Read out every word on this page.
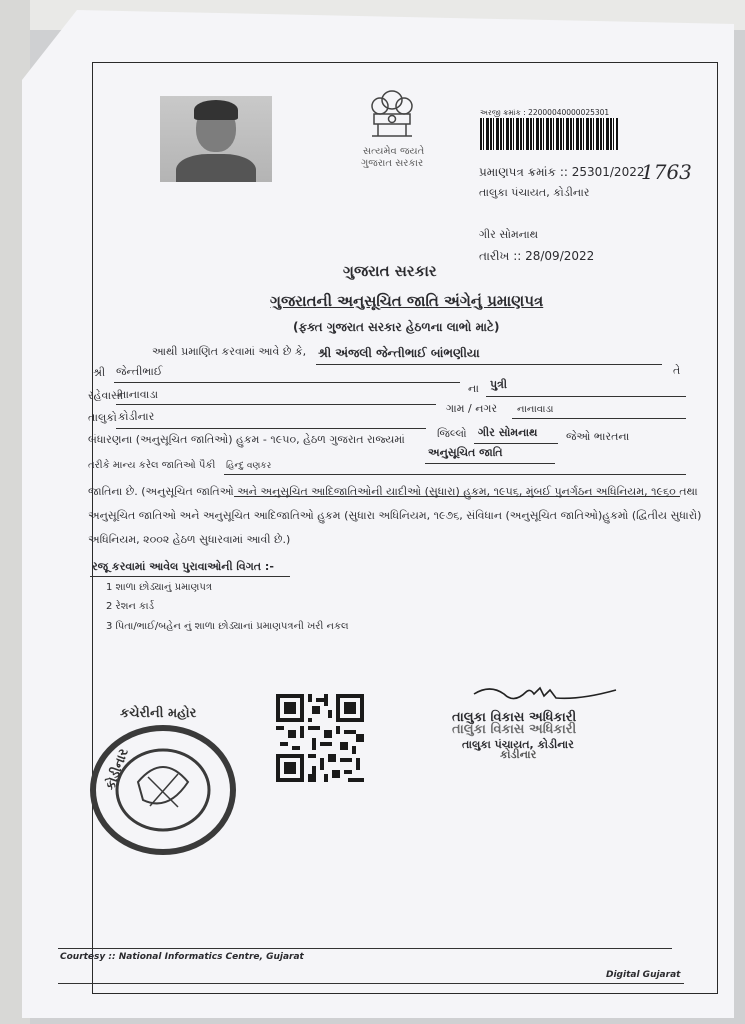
સત્યમેવ જયતે
ગુજરાત સરકાર
અરજી ક્રમાંક : 22000040000025301
પ્રમાણપત્ર ક્રમાંક :: 25301/2022
1763
તાલુકા પંચાયત, કોડીનાર
ગીર સોમનાથ
તારીખ :: 28/09/2022
ગુજરાત સરકાર
ગુજરાતની અનુસૂચિત જાતિ અંગેનું પ્રમાણપત્ર
(ફક્ત ગુજરાત સરકાર હેઠળના લાભો માટે)
આથી પ્રમાણિત કરવામાં આવે છે કે, શ્રી અંજલી જેન્તીભાઈ બાંભણીયા
તે
શ્રી જેન્તીભાઈ
ના પુત્રી
રહેવાસી
નાનાવાડા
ગામ / નગર નાનાવાડા
તાલુકો કોડીનાર
જિલ્લો ગીર સોમનાથ	જેઓ ભારતના
બંધારણના (અનુસૂચિત જાતિઓ) હુકમ - ૧૯૫૦, હેઠળ ગુજરાત રાજ્યમાં
અનુસૂચિત જાતિ
તરીકે માન્ય કરેલ જાતિઓ પૈકી હિન્દુ વણકર
જાતિના છે. (અનુસૂચિત જાતિઓ અને અનુસૂચિત આદિજાતિઓની યાદીઓ (સુધારા) હુકમ, ૧૯૫૬, મુંબઈ પુનર્ગઠન અધિનિયમ, ૧૯૬૦ તથા
અનુસૂચિત જાતિઓ અને અનુસૂચિત આદિજાતિઓ હુકમ (સુધારા અધિનિયમ, ૧૯૭૬, સંવિધાન (અનુસૂચિત જાતિઓ)હુકમો (દ્વિતીય સુધારો)
અધિનિયમ, ૨૦૦૨ હેઠળ સુધારવામાં આવી છે.)
રજૂ કરવામાં આવેલ પુરાવાઓની વિગત :-
1 શાળા છોડ્યાનું પ્રમાણપત્ર
2 રેશન કાર્ડ
3 પિતા/ભાઈ/બહેન નું શાળા છોડ્યાનાં પ્રમાણપત્રની ખરી નકલ
કચેરીની મહોર
કોડીનાર
તાલુકા વિકાસ અધિકારી
તાલુકા વિકાસ અધિકારી
તાલુકા પંચાયત, કોડીનાર
કોડીનાર
Courtesy :: National Informatics Centre, Gujarat
Digital Gujarat
